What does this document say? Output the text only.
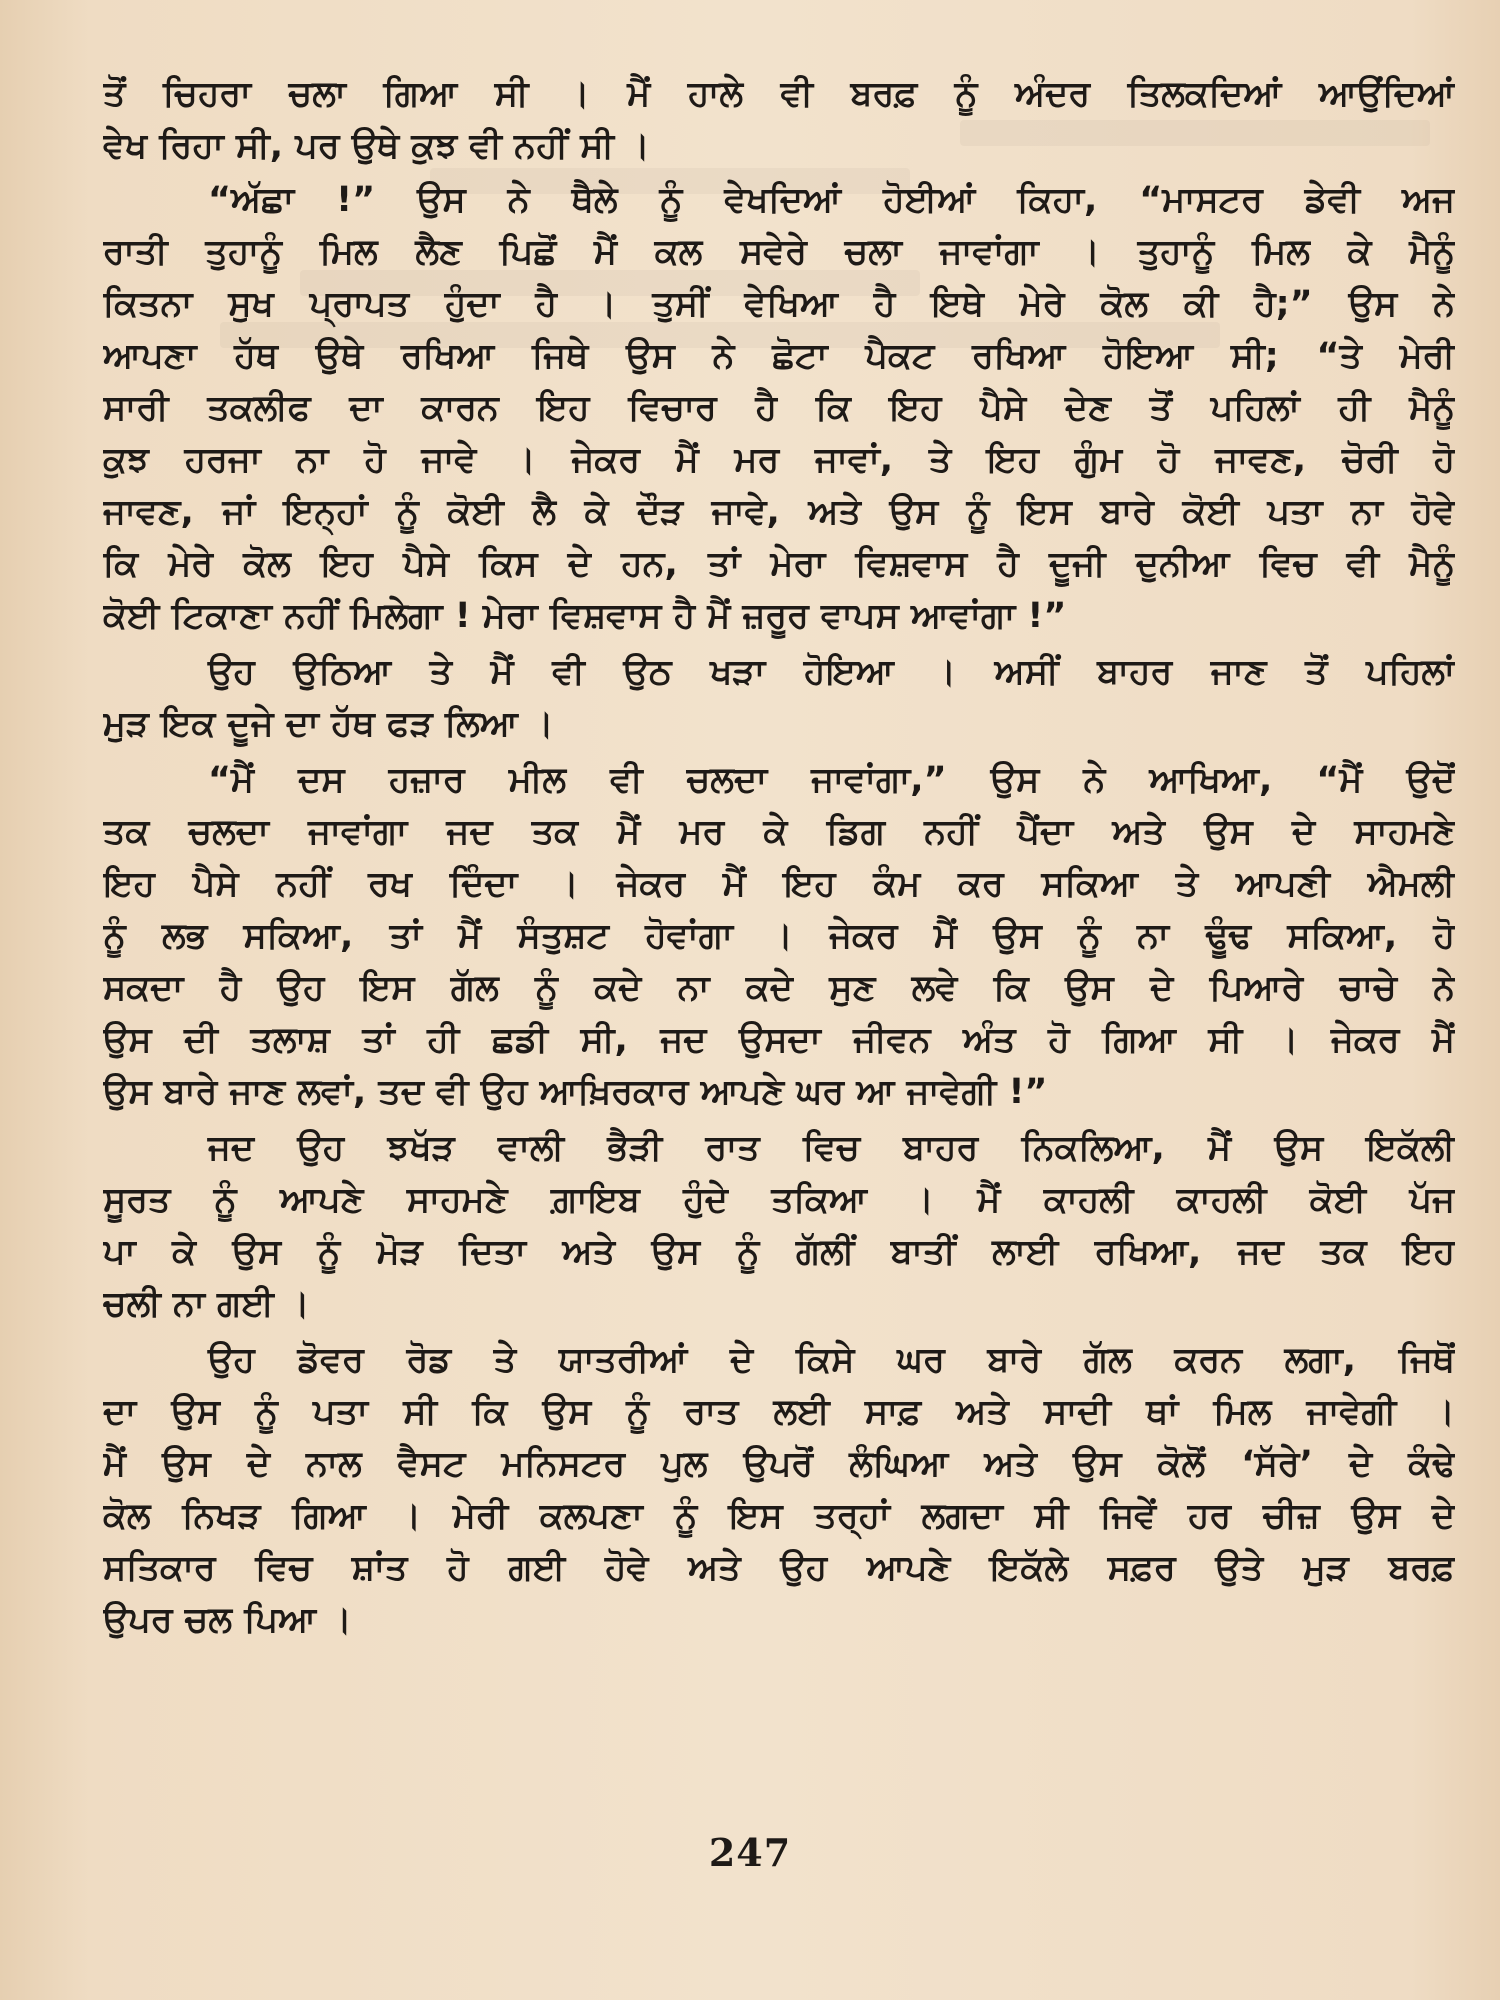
ਤੋਂ ਚਿਹਰਾ ਚਲਾ ਗਿਆ ਸੀ । ਮੈਂ ਹਾਲੇ ਵੀ ਬਰਫ਼ ਨੂੰ ਅੰਦਰ ਤਿਲਕਦਿਆਂ ਆਉਂਦਿਆਂ
ਵੇਖ ਰਿਹਾ ਸੀ, ਪਰ ਉਥੇ ਕੁਝ ਵੀ ਨਹੀਂ ਸੀ ।
“ਅੱਛਾ !” ਉਸ ਨੇ ਥੈਲੇ ਨੂੰ ਵੇਖਦਿਆਂ ਹੋਈਆਂ ਕਿਹਾ, “ਮਾਸਟਰ ਡੇਵੀ ਅਜ
ਰਾਤੀ ਤੁਹਾਨੂੰ ਮਿਲ ਲੈਣ ਪਿਛੋਂ ਮੈਂ ਕਲ ਸਵੇਰੇ ਚਲਾ ਜਾਵਾਂਗਾ । ਤੁਹਾਨੂੰ ਮਿਲ ਕੇ ਮੈਨੂੰ
ਕਿਤਨਾ ਸੁਖ ਪ੍ਰਾਪਤ ਹੁੰਦਾ ਹੈ । ਤੁਸੀਂ ਵੇਖਿਆ ਹੈ ਇਥੇ ਮੇਰੇ ਕੋਲ ਕੀ ਹੈ;” ਉਸ ਨੇ
ਆਪਣਾ ਹੱਥ ਉਥੇ ਰਖਿਆ ਜਿਥੇ ਉਸ ਨੇ ਛੋਟਾ ਪੈਕਟ ਰਖਿਆ ਹੋਇਆ ਸੀ; “ਤੇ ਮੇਰੀ
ਸਾਰੀ ਤਕਲੀਫ ਦਾ ਕਾਰਨ ਇਹ ਵਿਚਾਰ ਹੈ ਕਿ ਇਹ ਪੈਸੇ ਦੇਣ ਤੋਂ ਪਹਿਲਾਂ ਹੀ ਮੈਨੂੰ
ਕੁਝ ਹਰਜਾ ਨਾ ਹੋ ਜਾਵੇ । ਜੇਕਰ ਮੈਂ ਮਰ ਜਾਵਾਂ, ਤੇ ਇਹ ਗੁੰਮ ਹੋ ਜਾਵਣ, ਚੋਰੀ ਹੋ
ਜਾਵਣ, ਜਾਂ ਇਨ੍ਹਾਂ ਨੂੰ ਕੋਈ ਲੈ ਕੇ ਦੌੜ ਜਾਵੇ, ਅਤੇ ਉਸ ਨੂੰ ਇਸ ਬਾਰੇ ਕੋਈ ਪਤਾ ਨਾ ਹੋਵੇ
ਕਿ ਮੇਰੇ ਕੋਲ ਇਹ ਪੈਸੇ ਕਿਸ ਦੇ ਹਨ, ਤਾਂ ਮੇਰਾ ਵਿਸ਼ਵਾਸ ਹੈ ਦੂਜੀ ਦੁਨੀਆ ਵਿਚ ਵੀ ਮੈਨੂੰ
ਕੋਈ ਟਿਕਾਣਾ ਨਹੀਂ ਮਿਲੇਗਾ ! ਮੇਰਾ ਵਿਸ਼ਵਾਸ ਹੈ ਮੈਂ ਜ਼ਰੂਰ ਵਾਪਸ ਆਵਾਂਗਾ !”
ਉਹ ਉਠਿਆ ਤੇ ਮੈਂ ਵੀ ਉਠ ਖੜਾ ਹੋਇਆ । ਅਸੀਂ ਬਾਹਰ ਜਾਣ ਤੋਂ ਪਹਿਲਾਂ
ਮੁੜ ਇਕ ਦੂਜੇ ਦਾ ਹੱਥ ਫੜ ਲਿਆ ।
“ਮੈਂ ਦਸ ਹਜ਼ਾਰ ਮੀਲ ਵੀ ਚਲਦਾ ਜਾਵਾਂਗਾ,” ਉਸ ਨੇ ਆਖਿਆ, “ਮੈਂ ਉਦੋਂ
ਤਕ ਚਲਦਾ ਜਾਵਾਂਗਾ ਜਦ ਤਕ ਮੈਂ ਮਰ ਕੇ ਡਿਗ ਨਹੀਂ ਪੈਂਦਾ ਅਤੇ ਉਸ ਦੇ ਸਾਹਮਣੇ
ਇਹ ਪੈਸੇ ਨਹੀਂ ਰਖ ਦਿੰਦਾ । ਜੇਕਰ ਮੈਂ ਇਹ ਕੰਮ ਕਰ ਸਕਿਆ ਤੇ ਆਪਣੀ ਐਮਲੀ
ਨੂੰ ਲਭ ਸਕਿਆ, ਤਾਂ ਮੈਂ ਸੰਤੁਸ਼ਟ ਹੋਵਾਂਗਾ । ਜੇਕਰ ਮੈਂ ਉਸ ਨੂੰ ਨਾ ਢੂੰਢ ਸਕਿਆ, ਹੋ
ਸਕਦਾ ਹੈ ਉਹ ਇਸ ਗੱਲ ਨੂੰ ਕਦੇ ਨਾ ਕਦੇ ਸੁਣ ਲਵੇ ਕਿ ਉਸ ਦੇ ਪਿਆਰੇ ਚਾਚੇ ਨੇ
ਉਸ ਦੀ ਤਲਾਸ਼ ਤਾਂ ਹੀ ਛਡੀ ਸੀ, ਜਦ ਉਸਦਾ ਜੀਵਨ ਅੰਤ ਹੋ ਗਿਆ ਸੀ । ਜੇਕਰ ਮੈਂ
ਉਸ ਬਾਰੇ ਜਾਣ ਲਵਾਂ, ਤਦ ਵੀ ਉਹ ਆਖ਼ਿਰਕਾਰ ਆਪਣੇ ਘਰ ਆ ਜਾਵੇਗੀ !”
ਜਦ ਉਹ ਝਖੱੜ ਵਾਲੀ ਭੈੜੀ ਰਾਤ ਵਿਚ ਬਾਹਰ ਨਿਕਲਿਆ, ਮੈਂ ਉਸ ਇਕੱਲੀ
ਸੂਰਤ ਨੂੰ ਆਪਣੇ ਸਾਹਮਣੇ ਗ਼ਾਇਬ ਹੁੰਦੇ ਤਕਿਆ । ਮੈਂ ਕਾਹਲੀ ਕਾਹਲੀ ਕੋਈ ਪੱਜ
ਪਾ ਕੇ ਉਸ ਨੂੰ ਮੋੜ ਦਿਤਾ ਅਤੇ ਉਸ ਨੂੰ ਗੱਲੀਂ ਬਾਤੀਂ ਲਾਈ ਰਖਿਆ, ਜਦ ਤਕ ਇਹ
ਚਲੀ ਨਾ ਗਈ ।
ਉਹ ਡੋਵਰ ਰੋਡ ਤੇ ਯਾਤਰੀਆਂ ਦੇ ਕਿਸੇ ਘਰ ਬਾਰੇ ਗੱਲ ਕਰਨ ਲਗਾ, ਜਿਥੋਂ
ਦਾ ਉਸ ਨੂੰ ਪਤਾ ਸੀ ਕਿ ਉਸ ਨੂੰ ਰਾਤ ਲਈ ਸਾਫ਼ ਅਤੇ ਸਾਦੀ ਥਾਂ ਮਿਲ ਜਾਵੇਗੀ ।
ਮੈਂ ਉਸ ਦੇ ਨਾਲ ਵੈਸਟ ਮਨਿਸਟਰ ਪੁਲ ਉਪਰੋਂ ਲੰਘਿਆ ਅਤੇ ਉਸ ਕੋਲੋਂ ‘ਸੱਰੇ’ ਦੇ ਕੰਢੇ
ਕੋਲ ਨਿਖੜ ਗਿਆ । ਮੇਰੀ ਕਲਪਣਾ ਨੂੰ ਇਸ ਤਰ੍ਹਾਂ ਲਗਦਾ ਸੀ ਜਿਵੇਂ ਹਰ ਚੀਜ਼ ਉਸ ਦੇ
ਸਤਿਕਾਰ ਵਿਚ ਸ਼ਾਂਤ ਹੋ ਗਈ ਹੋਵੇ ਅਤੇ ਉਹ ਆਪਣੇ ਇਕੱਲੇ ਸਫ਼ਰ ਉਤੇ ਮੁੜ ਬਰਫ਼
ਉਪਰ ਚਲ ਪਿਆ ।
247
